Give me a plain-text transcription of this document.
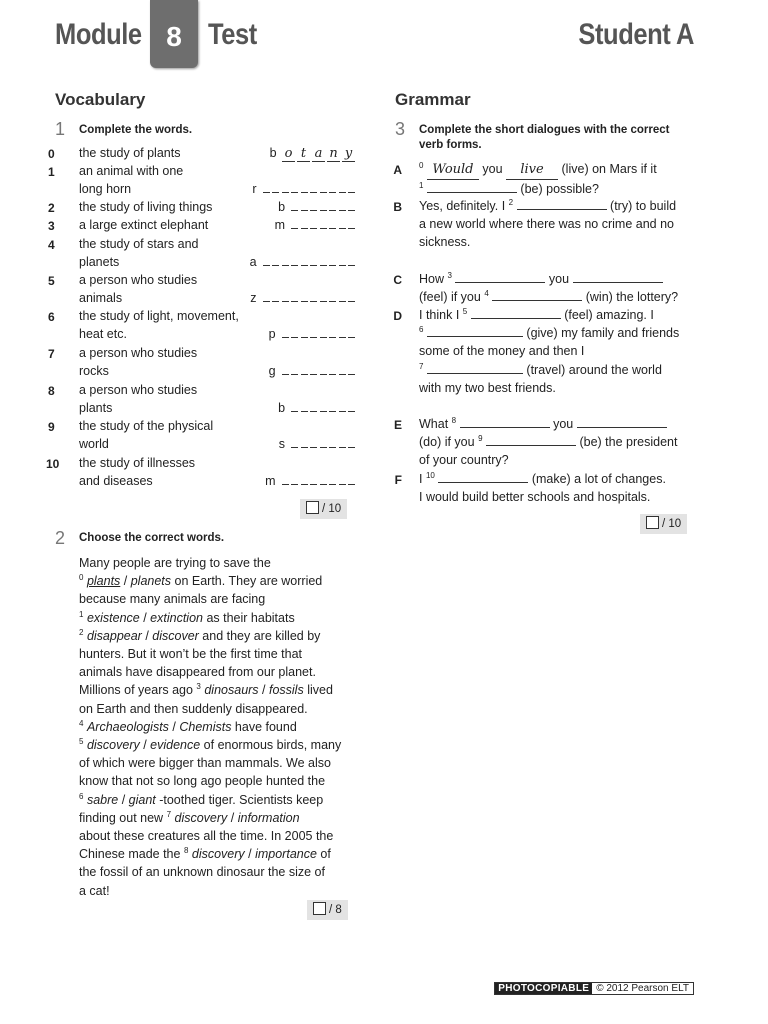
Module 8 Test	Student A
Vocabulary
1 Complete the words.
0	the study of plants	b o t a n y
1	an animal with one
long horn	r
2	the study of living things	b
3	a large extinct elephant	m
4	the study of stars and
planets	a
5	a person who studies
animals	z
6	the study of light, movement,
heat etc.	p
7	a person who studies
rocks	g
8	a person who studies
plants	b
9	the study of the physical
world	s
10	the study of illnesses
and diseases	m
/ 10
2 Choose the correct words.
Many people are trying to save the
$^0$ plants / planets on Earth. They are worried
because many animals are facing
$^1$ existence / extinction as their habitats
$^2$ disappear / discover and they are killed by
hunters. But it won’t be the first time that
animals have disappeared from our planet.
Millions of years ago $^3$ dinosaurs / fossils lived
on Earth and then suddenly disappeared.
$^4$ Archaeologists / Chemists have found
$^5$ discovery / evidence of enormous birds, many
of which were bigger than mammals. We also
know that not so long ago people hunted the
$^6$ sabre / giant -toothed tiger. Scientists keep
finding out new $^7$ discovery / information
about these creatures all the time. In 2005 the
Chinese made the $^8$ discovery / importance of
the fossil of an unknown dinosaur the size of
a cat!
/ 8
Grammar
3 Complete the short dialogues with the correct
verb forms.
A $^0$ Would you live (live) on Mars if it
$^1$	(be) possible?
B Yes, definitely. I $^2$	(try) to build
a new world where there was no crime and no
sickness.
C How $^3$	you
(feel) if you $^4$	(win) the lottery?
D I think I $^5$	(feel) amazing. I
$^6$	(give) my family and friends
some of the money and then I
$^7$	(travel) around the world
with my two best friends.
E What $^8$	you
(do) if you $^9$	(be) the president
of your country?
F I $^{10}$	(make) a lot of changes.
I would build better schools and hospitals.
/ 10
PHOTOCOPIABLE © 2012 Pearson ELT
